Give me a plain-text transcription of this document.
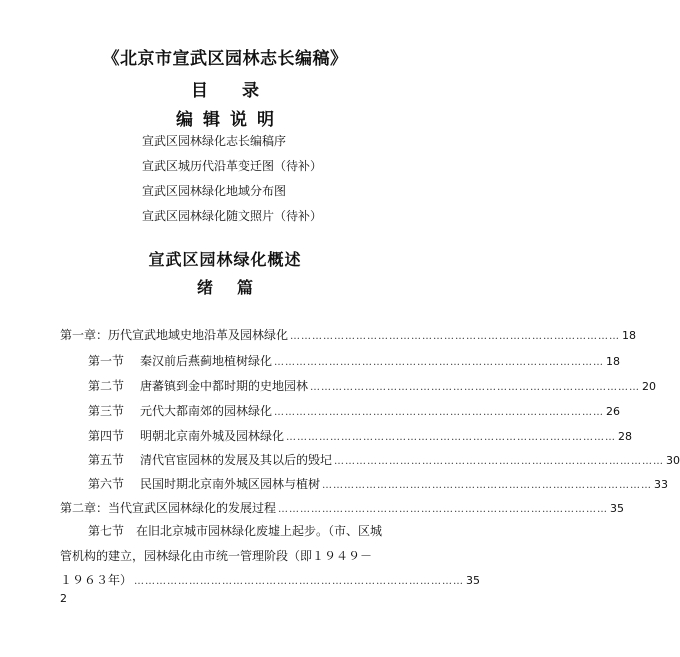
《北京市宣武区园林志长编稿》
目录
编辑说明
宣武区园林绿化志长编稿序
宣武区城历代沿革变迁图（待补）
宣武区园林绿化地域分布图
宣武区园林绿化随文照片（待补）
宣武区园林绿化概述
绪篇
第一章：历代宣武地域史地沿革及园林绿化 ……………………………………………………………………………… 18
第一节 秦汉前后燕蓟地植树绿化 ……………………………………………………………………………… 18
第二节 唐蕃镇到金中都时期的史地园林 ……………………………………………………………………………… 20
第三节 元代大都南郊的园林绿化 ……………………………………………………………………………… 26
第四节 明朝北京南外城及园林绿化 ……………………………………………………………………………… 28
第五节 清代官宦园林的发展及其以后的毁圮 ……………………………………………………………………………… 30
第六节 民国时期北京南外城区园林与植树 ……………………………………………………………………………… 33
第二章：当代宣武区园林绿化的发展过程 ……………………………………………………………………………… 35
第七节　在旧北京城市园林绿化废墟上起步。（市、区城
管机构的建立，园林绿化由市统一管理阶段（即１９４９－
１９６３年） ……………………………………………………………………………… 35
2
